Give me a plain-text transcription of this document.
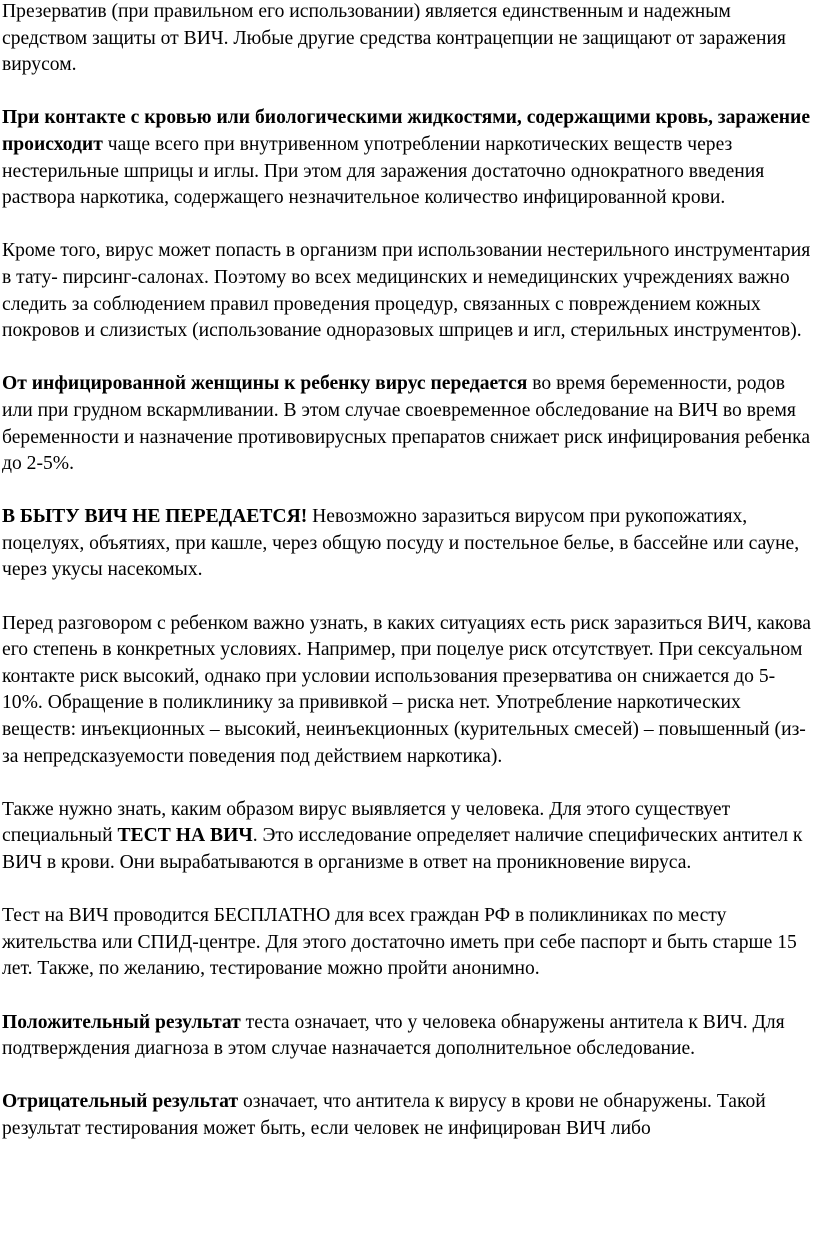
Презерватив (при правильном его использовании) является единственным и надежным средством защиты от ВИЧ. Любые другие средства контрацепции не защищают от заражения вирусом.

При контакте с кровью или биологическими жидкостями, содержащими кровь, заражение происходит чаще всего при внутривенном употреблении наркотических веществ через нестерильные шприцы и иглы. При этом для заражения достаточно однократного введения раствора наркотика, содержащего незначительное количество инфицированной крови.

Кроме того, вирус может попасть в организм при использовании нестерильного инструментария в тату- пирсинг-салонах. Поэтому во всех медицинских и немедицинских учреждениях важно следить за соблюдением правил проведения процедур, связанных с повреждением кожных покровов и слизистых (использование одноразовых шприцев и игл, стерильных инструментов).

От инфицированной женщины к ребенку вирус передается во время беременности, родов или при грудном вскармливании. В этом случае своевременное обследование на ВИЧ во время беременности и назначение противовирусных препаратов снижает риск инфицирования ребенка до 2-5%.

В БЫТУ ВИЧ НЕ ПЕРЕДАЕТСЯ! Невозможно заразиться вирусом при рукопожатиях, поцелуях, объятиях, при кашле, через общую посуду и постельное белье, в бассейне или сауне, через укусы насекомых.

Перед разговором с ребенком важно узнать, в каких ситуациях есть риск заразиться ВИЧ, какова его степень в конкретных условиях. Например, при поцелуе риск отсутствует. При сексуальном контакте риск высокий, однако при условии использования презерватива он снижается до 5-10%. Обращение в поликлинику за прививкой – риска нет. Употребление наркотических веществ: инъекционных – высокий, неинъекционных (курительных смесей) – повышенный (из-за непредсказуемости поведения под действием наркотика).

Также нужно знать, каким образом вирус выявляется у человека. Для этого существует специальный ТЕСТ НА ВИЧ. Это исследование определяет наличие специфических антител к ВИЧ в крови. Они вырабатываются в организме в ответ на проникновение вируса.

Тест на ВИЧ проводится БЕСПЛАТНО для всех граждан РФ в поликлиниках по месту жительства или СПИД-центре. Для этого достаточно иметь при себе паспорт и быть старше 15 лет. Также, по желанию, тестирование можно пройти анонимно.

Положительный результат теста означает, что у человека обнаружены антитела к ВИЧ. Для подтверждения диагноза в этом случае назначается дополнительное обследование.

Отрицательный результат означает, что антитела к вирусу в крови не обнаружены. Такой результат тестирования может быть, если человек не инфицирован ВИЧ либо
